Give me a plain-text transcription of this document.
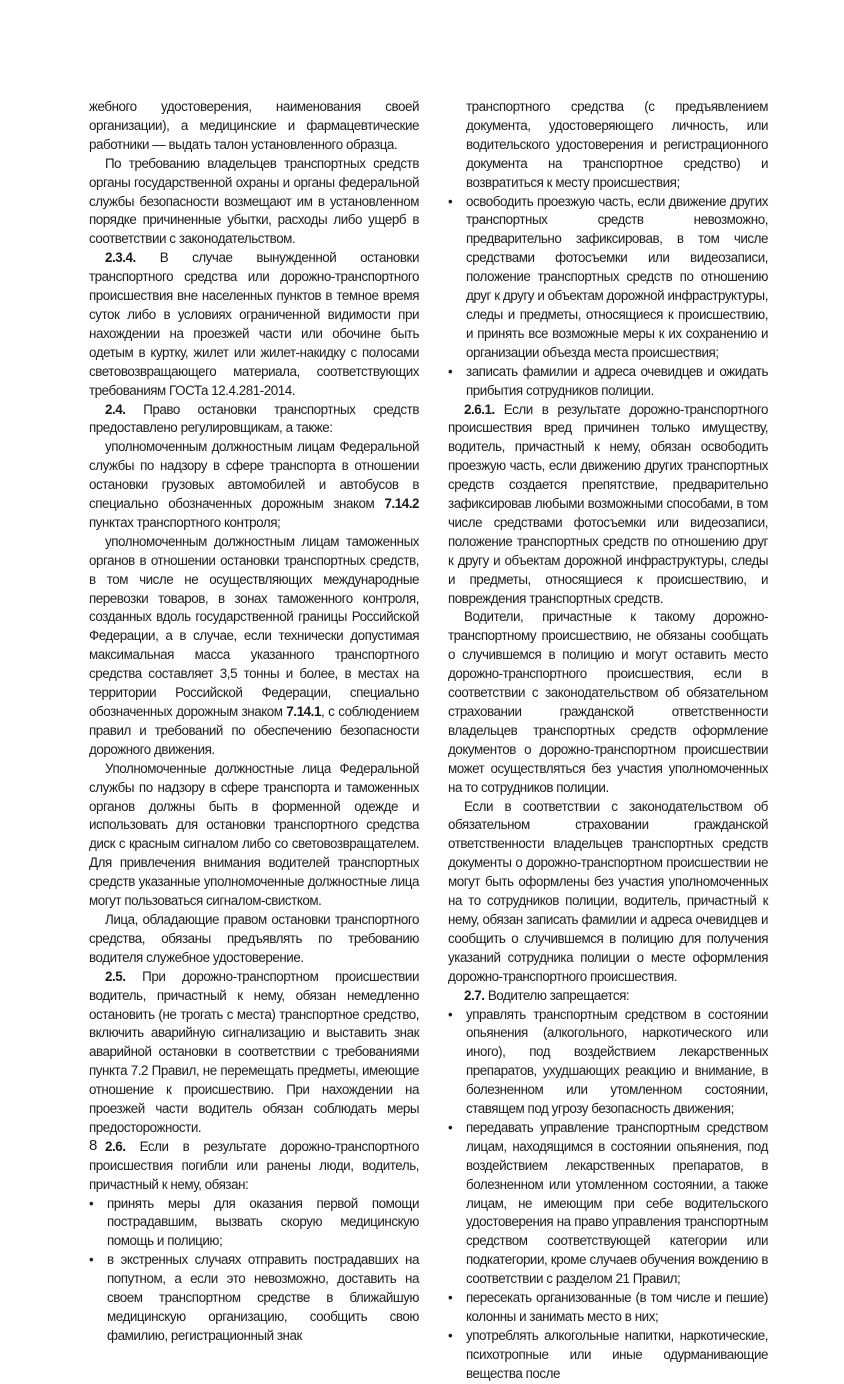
жебного удостоверения, наименования своей организации), а медицинские и фармацевтические работники — выдать талон установленного образца.

По требованию владельцев транспортных средств органы государственной охраны и органы федеральной службы безопасности возмещают им в установленном порядке причиненные убытки, расходы либо ущерб в соответствии с законодательством.

2.3.4. В случае вынужденной остановки транспортного средства или дорожно-транспортного происшествия вне населенных пунктов в темное время суток либо в условиях ограниченной видимости при нахождении на проезжей части или обочине быть одетым в куртку, жилет или жилет-накидку с полосами световозвращающего материала, соответствующих требованиям ГОСТа 12.4.281-2014.

2.4. Право остановки транспортных средств предоставлено регулировщикам, а также:

уполномоченным должностным лицам Федеральной службы по надзору в сфере транспорта в отношении остановки грузовых автомобилей и автобусов в специально обозначенных дорожным знаком 7.14.2 пунктах транспортного контроля;

уполномоченным должностным лицам таможенных органов в отношении остановки транспортных средств, в том числе не осуществляющих международные перевозки товаров, в зонах таможенного контроля, созданных вдоль государственной границы Российской Федерации, а в случае, если технически допустимая максимальная масса указанного транспортного средства составляет 3,5 тонны и более, в местах на территории Российской Федерации, специально обозначенных дорожным знаком 7.14.1, с соблюдением правил и требований по обеспечению безопасности дорожного движения.

Уполномоченные должностные лица Федеральной службы по надзору в сфере транспорта и таможенных органов должны быть в форменной одежде и использовать для остановки транспортного средства диск с красным сигналом либо со световозвращателем. Для привлечения внимания водителей транспортных средств указанные уполномоченные должностные лица могут пользоваться сигналом-свистком.

Лица, обладающие правом остановки транспортного средства, обязаны предъявлять по требованию водителя служебное удостоверение.

2.5. При дорожно-транспортном происшествии водитель, причастный к нему, обязан немедленно остановить (не трогать с места) транспортное средство, включить аварийную сигнализацию и выставить знак аварийной остановки в соответствии с требованиями пункта 7.2 Правил, не перемещать предметы, имеющие отношение к происшествию. При нахождении на проезжей части водитель обязан соблюдать меры предосторожности.

2.6. Если в результате дорожно-транспортного происшествия погибли или ранены люди, водитель, причастный к нему, обязан:

• принять меры для оказания первой помощи пострадавшим, вызвать скорую медицинскую помощь и полицию;

• в экстренных случаях отправить пострадавших на попутном, а если это невозможно, доставить на своем транспортном средстве в ближайшую медицинскую организацию, сообщить свою фамилию, регистрационный знак

транспортного средства (с предъявлением документа, удостоверяющего личность, или водительского удостоверения и регистрационного документа на транспортное средство) и возвратиться к месту происшествия;

• освободить проезжую часть, если движение других транспортных средств невозможно, предварительно зафиксировав, в том числе средствами фотосъемки или видеозаписи, положение транспортных средств по отношению друг к другу и объектам дорожной инфраструктуры, следы и предметы, относящиеся к происшествию, и принять все возможные меры к их сохранению и организации объезда места происшествия;

• записать фамилии и адреса очевидцев и ожидать прибытия сотрудников полиции.

2.6.1. Если в результате дорожно-транспортного происшествия вред причинен только имуществу, водитель, причастный к нему, обязан освободить проезжую часть, если движению других транспортных средств создается препятствие, предварительно зафиксировав любыми возможными способами, в том числе средствами фотосъемки или видеозаписи, положение транспортных средств по отношению друг к другу и объектам дорожной инфраструктуры, следы и предметы, относящиеся к происшествию, и повреждения транспортных средств.

Водители, причастные к такому дорожно-транспортному происшествию, не обязаны сообщать о случившемся в полицию и могут оставить место дорожно-транспортного происшествия, если в соответствии с законодательством об обязательном страховании гражданской ответственности владельцев транспортных средств оформление документов о дорожно-транспортном происшествии может осуществляться без участия уполномоченных на то сотрудников полиции.

Если в соответствии с законодательством об обязательном страховании гражданской ответственности владельцев транспортных средств документы о дорожно-транспортном происшествии не могут быть оформлены без участия уполномоченных на то сотрудников полиции, водитель, причастный к нему, обязан записать фамилии и адреса очевидцев и сообщить о случившемся в полицию для получения указаний сотрудника полиции о месте оформления дорожно-транспортного происшествия.

2.7. Водителю запрещается:

• управлять транспортным средством в состоянии опьянения (алкогольного, наркотического или иного), под воздействием лекарственных препаратов, ухудшающих реакцию и внимание, в болезненном или утомленном состоянии, ставящем под угрозу безопасность движения;

• передавать управление транспортным средством лицам, находящимся в состоянии опьянения, под воздействием лекарственных препаратов, в болезненном или утомленном состоянии, а также лицам, не имеющим при себе водительского удостоверения на право управления транспортным средством соответствующей категории или подкатегории, кроме случаев обучения вождению в соответствии с разделом 21 Правил;

• пересекать организованные (в том числе и пешие) колонны и занимать место в них;

• употреблять алкогольные напитки, наркотические, психотропные или иные одурманивающие вещества после

8
